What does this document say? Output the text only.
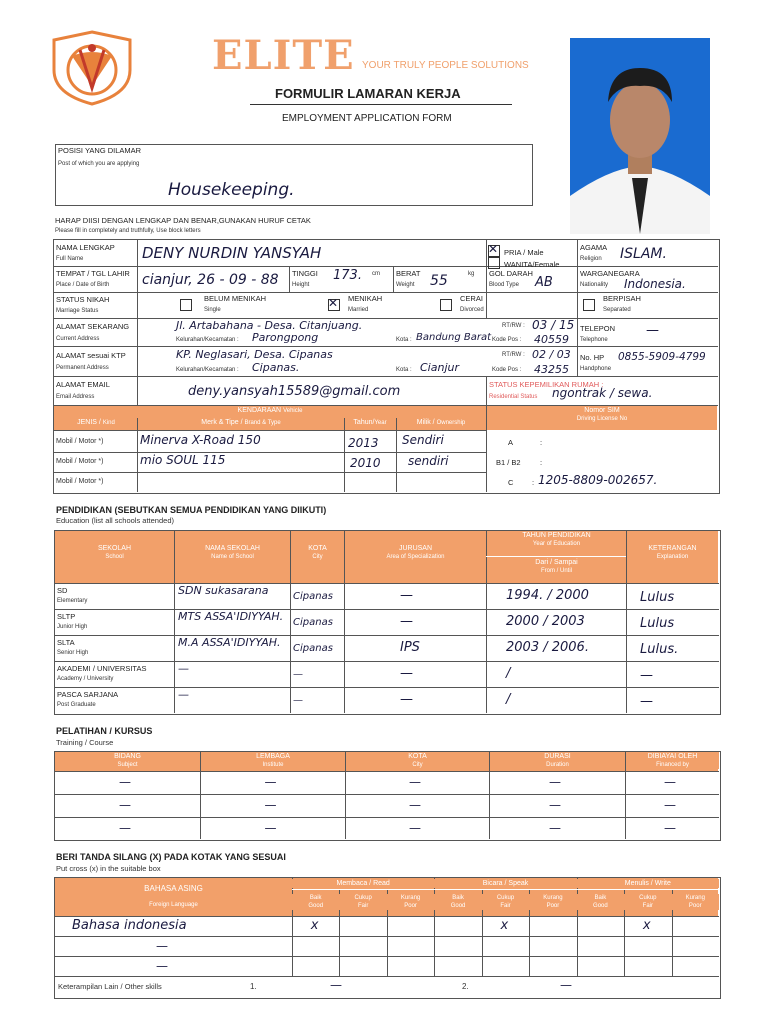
ELITE YOUR TRULY PEOPLE SOLUTIONS
FORMULIR LAMARAN KERJA
EMPLOYMENT APPLICATION FORM
POSISI YANG DILAMAR
Post of which you are applying
Housekeeping.
HARAP DIISI DENGAN LENGKAP DAN BENAR,GUNAKAN HURUF CETAK
Please fill in completely and truthfully, Use block letters
NAMA LENGKAP
Full Name	DENY NURDIN YANSYAH
✕	PRIA / Male
WANITA/Female
AGAMA
Religion ISLAM.
TEMPAT / TGL LAHIR
Place / Date of Birth cianjur, 26 - 09 - 88 TINGGI
Height
173. cm BERAT
Weight 55	kg GOL DARAH
Blood Type AB
WARGANEGARA
Nationality Indonesia.
STATUS NIKAH
Marriage Status
BELUM MENIKAH
Single
✕
MENIKAH
Married
CERAI
Divorced
BERPISAH
Separated
ALAMAT SEKARANG
Current Address
Jl. Artabahana - Desa. Citanjuang.
Kelurahan/Kecamatan : Parongpong	Kota : Bandung Barat
RT/RW : 03 / 15
Kode Pos : 40559
TELEPON
Telephone
—
ALAMAT sesuai KTP
Permanent Address
KP. Neglasari, Desa. Cipanas
Kelurahan/Kecamatan : Cipanas.	Kota : Cianjur
RT/RW : 02 / 03
Kode Pos : 43255
No. HP
Handphone
0855-5909-4799
ALAMAT EMAIL
Email Address	deny.yansyah15589@gmail.com	STATUS KEPEMILIKAN RUMAH :
Residential Status ngontrak / sewa.
KENDARAAN Vehicle	Nomor SIM
Driving License No
JENIS / Kind	Merk & Tipe / Brand & Type	Tahun/Year	Milik / Ownership
Mobil / Motor *)	Minerva X-Road 150	2013 Sendiri	A	:
Mobil / Motor *)	mio SOUL 115	2010 sendiri	B1 / B2	:
Mobil / Motor *)	C : 1205-8809-002657.
PENDIDIKAN (SEBUTKAN SEMUA PENDIDIKAN YANG DIIKUTI)
Education (list all schools attended)
SEKOLAH
School
NAMA SEKOLAH
Name of School
KOTA
City
JURUSAN
Area of Specialization
TAHUN PENDIDIKAN
Year of Education
Dari / Sampai
From / Until
KETERANGAN
Explanation
SD
Elementary
SDN sukasarana	Cipanas	—	1994. / 2000	Lulus
SLTP
Junior High
MTS ASSA'IDIYYAH. Cipanas	—	2000 / 2003	Lulus
SLTA
Senior High
M.A ASSA'IDIYYAH.	Cipanas	IPS	2003 / 2006.	Lulus.
AKADEMI / UNIVERSITAS
Academy / University
—	—	—	/	—
PASCA SARJANA
Post Graduate
—	—	—	/	—
PELATIHAN / KURSUS
Training / Course
BIDANG
Subject
LEMBAGA
Institute
KOTA
City
DURASI
Duration
DIBIAYAI OLEH
Financed by
—	—	—	—	—
—	—	—	—	—
—	—	—	—	—
BERI TANDA SILANG (X) PADA KOTAK YANG SESUAI
Put cross (x) in the suitable box
BAHASA ASING
Foreign Language
Membaca / Read
Baik
Good
Cukup
Fair
Kurang
Poor
Bicara / Speak
Baik
Good
Cukup
Fair
Kurang
Poor
Menulis / Write
Baik
Good
Cukup
Fair
Kurang
Poor
Bahasa indonesia	x	x	x
—
—
Keterampilan Lain / Other skills	1.	—	2.	—
